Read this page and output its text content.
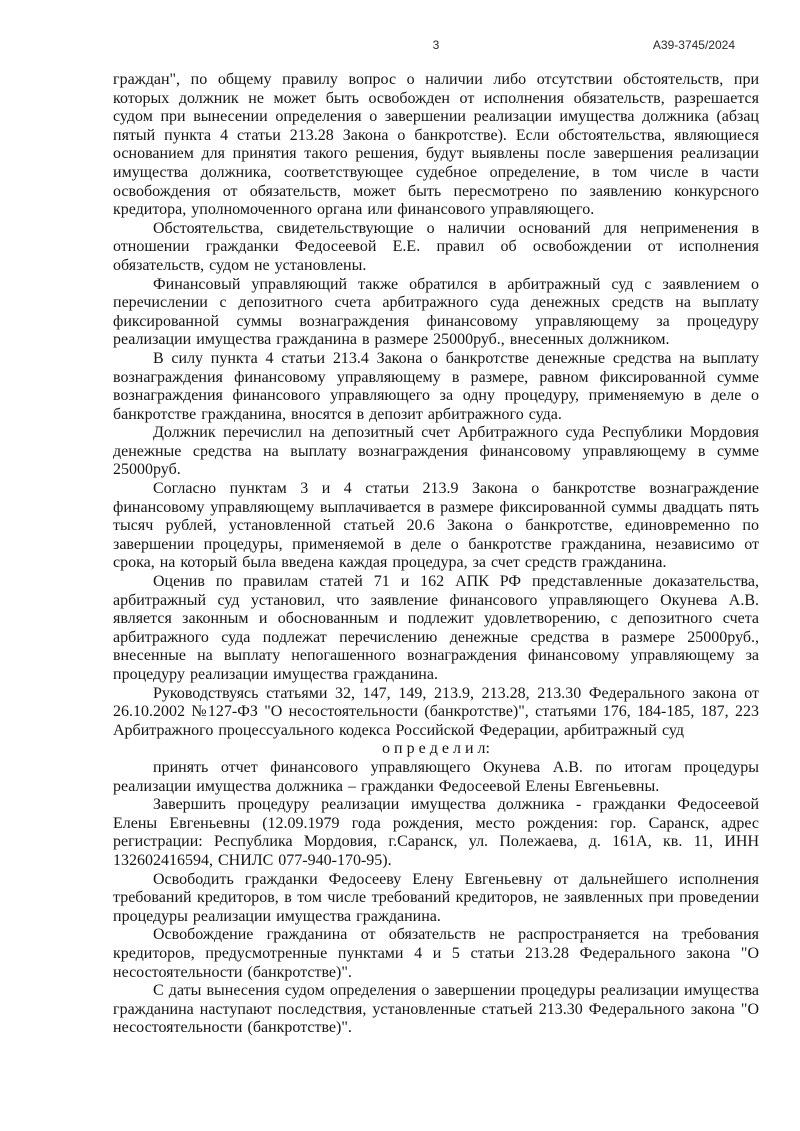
3	А39-3745/2024

граждан", по общему правилу вопрос о наличии либо отсутствии обстоятельств, при которых должник не может быть освобожден от исполнения обязательств, разрешается судом при вынесении определения о завершении реализации имущества должника (абзац пятый пункта 4 статьи 213.28 Закона о банкротстве). Если обстоятельства, являющиеся основанием для принятия такого решения, будут выявлены после завершения реализации имущества должника, соответствующее судебное определение, в том числе в части освобождения от обязательств, может быть пересмотрено по заявлению конкурсного кредитора, уполномоченного органа или финансового управляющего.

Обстоятельства, свидетельствующие о наличии оснований для неприменения в отношении гражданки Федосеевой Е.Е. правил об освобождении от исполнения обязательств, судом не установлены.

Финансовый управляющий также обратился в арбитражный суд с заявлением о перечислении с депозитного счета арбитражного суда денежных средств на выплату фиксированной суммы вознаграждения финансовому управляющему за процедуру реализации имущества гражданина в размере 25000руб., внесенных должником.

В силу пункта 4 статьи 213.4 Закона о банкротстве денежные средства на выплату вознаграждения финансовому управляющему в размере, равном фиксированной сумме вознаграждения финансового управляющего за одну процедуру, применяемую в деле о банкротстве гражданина, вносятся в депозит арбитражного суда.

Должник перечислил на депозитный счет Арбитражного суда Республики Мордовия денежные средства на выплату вознаграждения финансовому управляющему в сумме 25000руб.

Согласно пунктам 3 и 4 статьи 213.9 Закона о банкротстве вознаграждение финансовому управляющему выплачивается в размере фиксированной суммы двадцать пять тысяч рублей, установленной статьей 20.6 Закона о банкротстве, единовременно по завершении процедуры, применяемой в деле о банкротстве гражданина, независимо от срока, на который была введена каждая процедура, за счет средств гражданина.

Оценив по правилам статей 71 и 162 АПК РФ представленные доказательства, арбитражный суд установил, что заявление финансового управляющего Окунева А.В. является законным и обоснованным и подлежит удовлетворению, с депозитного счета арбитражного суда подлежат перечислению денежные средства в размере 25000руб., внесенные на выплату непогашенного вознаграждения финансовому управляющему за процедуру реализации имущества гражданина.

Руководствуясь статьями 32, 147, 149, 213.9, 213.28, 213.30 Федерального закона от 26.10.2002 №127-ФЗ "О несостоятельности (банкротстве)", статьями 176, 184-185, 187, 223 Арбитражного процессуального кодекса Российской Федерации, арбитражный суд

о п р е д е л и л:

принять отчет финансового управляющего Окунева А.В. по итогам процедуры реализации имущества должника – гражданки Федосеевой Елены Евгеньевны.

Завершить процедуру реализации имущества должника - гражданки Федосеевой Елены Евгеньевны (12.09.1979 года рождения, место рождения: гор. Саранск, адрес регистрации: Республика Мордовия, г.Саранск, ул. Полежаева, д. 161А, кв. 11, ИНН 132602416594, СНИЛС 077-940-170-95).

Освободить гражданки Федосееву Елену Евгеньевну от дальнейшего исполнения требований кредиторов, в том числе требований кредиторов, не заявленных при проведении процедуры реализации имущества гражданина.

Освобождение гражданина от обязательств не распространяется на требования кредиторов, предусмотренные пунктами 4 и 5 статьи 213.28 Федерального закона "О несостоятельности (банкротстве)".

С даты вынесения судом определения о завершении процедуры реализации имущества гражданина наступают последствия, установленные статьей 213.30 Федерального закона "О несостоятельности (банкротстве)".
